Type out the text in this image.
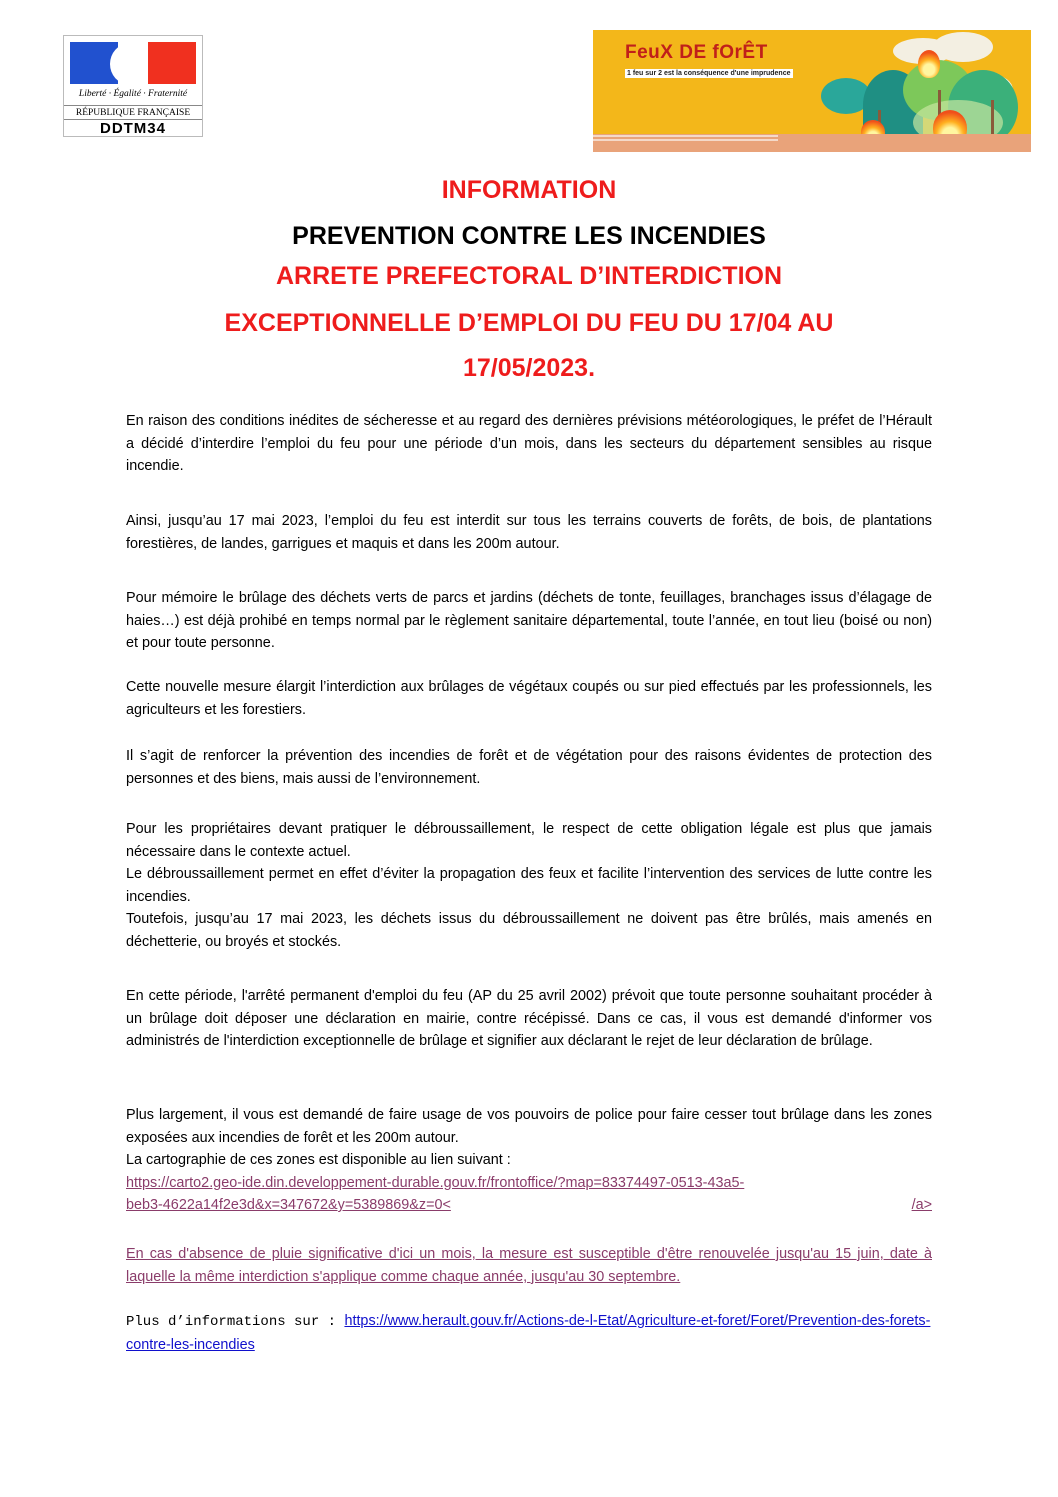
Liberté · Égalité · Fraternité
RÉPUBLIQUE FRANÇAISE
DDTM34
FeuX DE fOrÊT
1 feu sur 2 est la conséquence d'une imprudence
INFORMATION
PREVENTION CONTRE LES INCENDIES
ARRETE PREFECTORAL D’INTERDICTION
EXCEPTIONNELLE D’EMPLOI DU FEU DU 17/04 AU
17/05/2023.

En raison des conditions inédites de sécheresse et au regard des dernières prévisions météorologiques, le préfet de l’Hérault a décidé d’interdire l’emploi du feu pour une période d’un mois, dans les secteurs du département sensibles au risque incendie.

Ainsi, jusqu’au 17 mai 2023, l’emploi du feu est interdit sur tous les terrains couverts de forêts, de bois, de plantations forestières, de landes, garrigues et maquis et dans les 200m autour.

Pour mémoire le brûlage des déchets verts de parcs et jardins (déchets de tonte, feuillages, branchages issus d’élagage de haies…) est déjà prohibé en temps normal par le règlement sanitaire départemental, toute l’année, en tout lieu (boisé ou non) et pour toute personne.

Cette nouvelle mesure élargit l’interdiction aux brûlages de végétaux coupés ou sur pied effectués par les professionnels, les agriculteurs et les forestiers.

Il s’agit de renforcer la prévention des incendies de forêt et de végétation pour des raisons évidentes de protection des personnes et des biens, mais aussi de l’environnement.

Pour les propriétaires devant pratiquer le débroussaillement, le respect de cette obligation légale est plus que jamais nécessaire dans le contexte actuel.

Le débroussaillement permet en effet d’éviter la propagation des feux et facilite l’intervention des services de lutte contre les incendies.

Toutefois, jusqu’au 17 mai 2023, les déchets issus du débroussaillement ne doivent pas être brûlés, mais amenés en déchetterie, ou broyés et stockés.

En cette période, l'arrêté permanent d'emploi du feu (AP du 25 avril 2002) prévoit que toute personne souhaitant procéder à un brûlage doit déposer une déclaration en mairie, contre récépissé. Dans ce cas, il vous est demandé d'informer vos administrés de l'interdiction exceptionnelle de brûlage et signifier aux déclarant le rejet de leur déclaration de brûlage.

Plus largement, il vous est demandé de faire usage de vos pouvoirs de police pour faire cesser tout brûlage dans les zones exposées aux incendies de forêt et les 200m autour.

La cartographie de ces zones est disponible au lien suivant :

https://carto2.geo-ide.din.developpement-durable.gouv.fr/frontoffice/?map=83374497-0513-43a5-
beb3-4622a14f2e3d&x=347672&y=5389869&z=0<	/a>

En cas d'absence de pluie significative d'ici un mois, la mesure est susceptible d'être renouvelée jusqu'au 15 juin, date à laquelle la même interdiction s'applique comme chaque année, jusqu'au 30 septembre.

Plus d’informations sur : https://www.herault.gouv.fr/Actions-de-l-Etat/Agriculture-et-foret/Foret/Prevention-des-forets-contre-les-incendies
